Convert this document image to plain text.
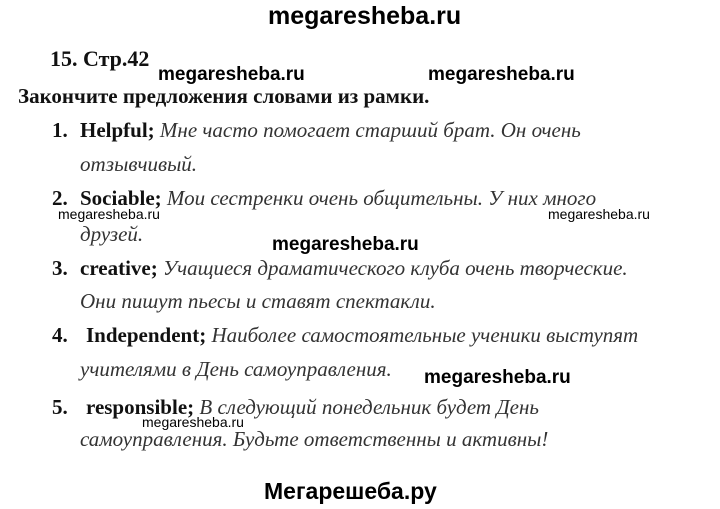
megaresheba.ru
15. Стр.42
megaresheba.ru	megaresheba.ru
Закончите предложения словами из рамки.
1. Helpful; Мне часто помогает старший брат. Он очень
отзывчивый.
2. Sociable; Мои сестренки очень общительны. У них много
megaresheba.ru	megaresheba.ru
друзей.	megaresheba.ru
3. creative; Учащиеся драматического клуба очень творческие.
Они пишут пьесы и ставят спектакли.
4. Independent; Наиболее самостоятельные ученики выступят
учителями в День самоуправления. megaresheba.ru
5. responsible; В следующий понедельник будет День
megaresheba.ru
самоуправления. Будьте ответственны и активны!
Мегарешеба.ру
